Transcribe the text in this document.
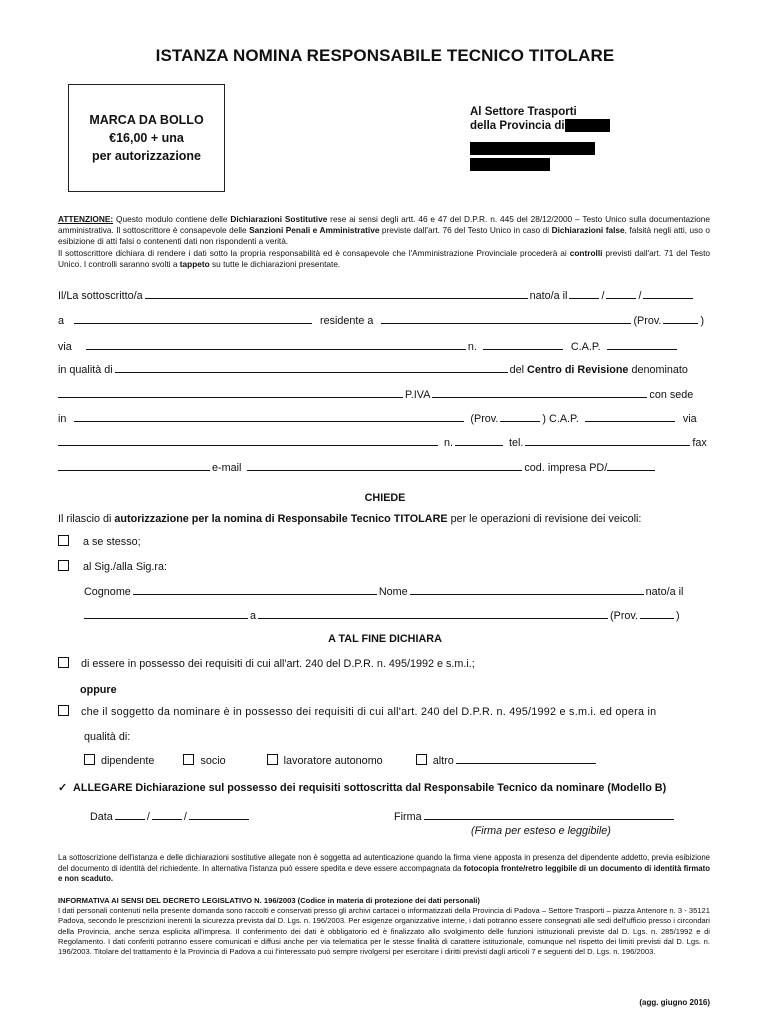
ISTANZA NOMINA RESPONSABILE TECNICO TITOLARE
MARCA DA BOLLO
€16,00 + una
per autorizzazione
Al Settore Trasporti
della Provincia di
ATTENZIONE: Questo modulo contiene delle Dichiarazioni Sostitutive rese ai sensi degli artt. 46 e 47 del D.P.R. n. 445 del 28/12/2000 – Testo Unico sulla documentazione amministrativa. Il sottoscrittore è consapevole delle Sanzioni Penali e Amministrative previste dall'art. 76 del Testo Unico in caso di Dichiarazioni false, falsità negli atti, uso o esibizione di atti falsi o contenenti dati non rispondenti a verità.
Il sottoscrittore dichiara di rendere i dati sotto la propria responsabilità ed è consapevole che l'Amministrazione Provinciale procederà ai controlli previsti dall'art. 71 del Testo Unico. I controlli saranno svolti a tappeto su tutte le dichiarazioni presentate.
Il/La sottoscritto/a	nato/a il	/	/
a	residente a	(Prov.	)
via	n.	C.A.P.
in qualità di	del Centro di Revisione denominato
P.IVA	con sede
in	(Prov.	) C.A.P.	via
n.	tel.	fax
e-mail	cod. impresa PD/
CHIEDE
Il rilascio di autorizzazione per la nomina di Responsabile Tecnico TITOLARE per le operazioni di revisione dei veicoli:
a se stesso;
al Sig./alla Sig.ra:
Cognome	Nome	nato/a il
a	(Prov.	)
A TAL FINE DICHIARA
di essere in possesso dei requisiti di cui all'art. 240 del D.P.R. n. 495/1992 e s.m.i.;
oppure
che il soggetto da nominare è in possesso dei requisiti di cui all'art. 240 del D.P.R. n. 495/1992 e s.m.i. ed opera in
qualità di:
dipendente	socio	lavoratore autonomo	altro
✓ ALLEGARE Dichiarazione sul possesso dei requisiti sottoscritta dal Responsabile Tecnico da nominare (Modello B)
Data	/	/	Firma
(Firma per esteso e leggibile)
La sottoscrizione dell'istanza e delle dichiarazioni sostitutive allegate non è soggetta ad autenticazione quando la firma viene apposta in presenza del dipendente addetto, previa esibizione del documento di identità del richiedente. In alternativa l'istanza può essere spedita e deve essere accompagnata da fotocopia fronte/retro leggibile di un documento di identità firmato e non scaduto.
INFORMATIVA AI SENSI DEL DECRETO LEGISLATIVO N. 196/2003 (Codice in materia di protezione dei dati personali)
I dati personali contenuti nella presente domanda sono raccolti e conservati presso gli archivi cartacei o informatizzati della Provincia di Padova – Settore Trasporti – piazza Antenore n. 3 - 35121 Padova, secondo le prescrizioni inerenti la sicurezza prevista dal D. Lgs. n. 196/2003. Per esigenze organizzative interne, i dati potranno essere consegnati alle sedi dell'ufficio presso i circondari della Provincia, anche senza esplicita all'impresa. Il conferimento dei dati è obbligatorio ed è finalizzato allo svolgimento delle funzioni istituzionali previste dal D. Lgs. n. 285/1992 e di Regolamento. I dati conferiti potranno essere comunicati e diffusi anche per via telematica per le stesse finalità di carattere istituzionale, comunque nel rispetto dei limiti previsti dal D. Lgs. n. 196/2003. Titolare del trattamento è la Provincia di Padova a cui l'interessato può sempre rivolgersi per esercitare i diritti previsti dagli articoli 7 e seguenti del D. Lgs. n. 196/2003.
(agg. giugno 2016)
